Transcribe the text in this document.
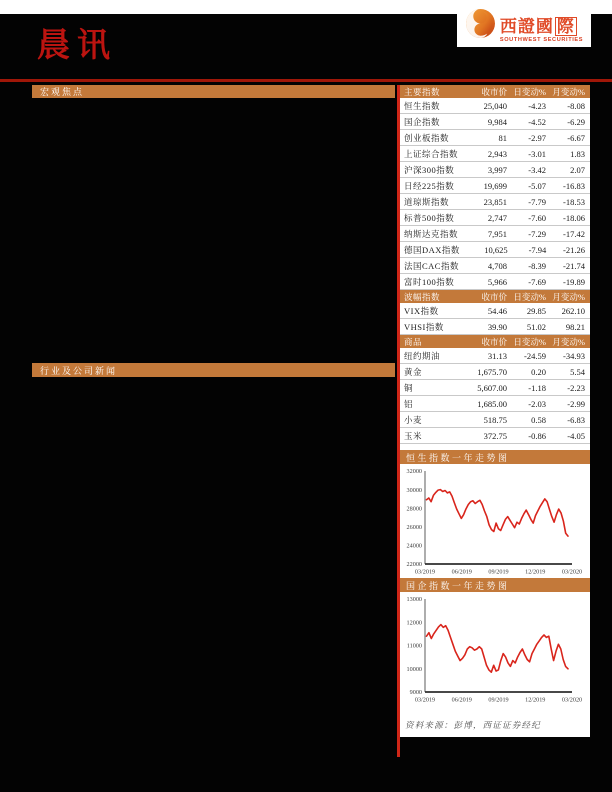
西證國 際
SOUTHWEST SECURITIES
晨讯
宏观焦点
行业及公司新闻
主要指数	收市价 日变动% 月变动%
恒生指数	25,040	-4.23	-8.08
国企指数	9,984	-4.52	-6.29
创业板指数	81	-2.97	-6.67
上证综合指数	2,943	-3.01	1.83
沪深300指数	3,997	-3.42	2.07
日经225指数	19,699	-5.07	-16.83
道琼斯指数	23,851	-7.79	-18.53
标普500指数	2,747	-7.60	-18.06
纳斯达克指数	7,951	-7.29	-17.42
德国DAX指数	10,625	-7.94	-21.26
法国CAC指数	4,708	-8.39	-21.74
富时100指数	5,966	-7.69	-19.89
波幅指数	收市价 日变动% 月变动%
VIX指数	54.46	29.85	262.10
VHSI指数	39.90	51.02	98.21
商品	收市价 日变动% 月变动%
纽约期油	31.13	-24.59	-34.93
黄金	1,675.70	0.20	5.54
铜	5,607.00	-1.18	-2.23
铝	1,685.00	-2.03	-2.99
小麦	518.75	0.58	-6.83
玉米	372.75	-0.86	-4.05
恒生指数一年走势图
22000
24000
26000
28000
30000
32000
03/2019	06/2019	09/2019	12/2019	03/2020
国企指数一年走势图
9000
10000
11000
12000
13000
03/2019	06/2019	09/2019	12/2019	03/2020
资料来源：彭博，西证证券经纪
